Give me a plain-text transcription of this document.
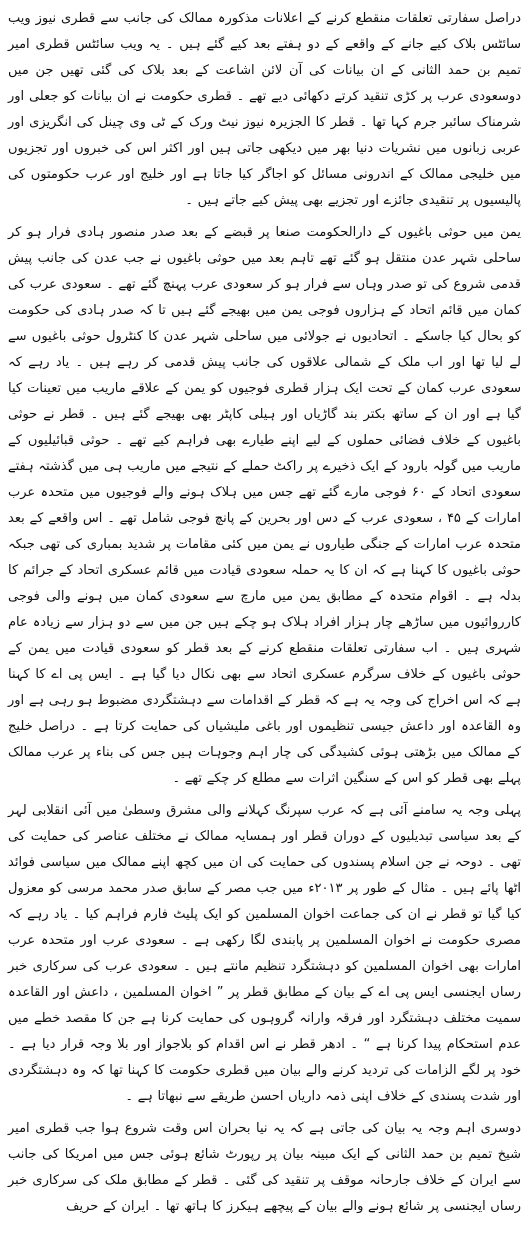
دراصل سفارتی تعلقات منقطع کرنے کے اعلانات مذکورہ ممالک کی جانب سے قطری نیوز ویب سائٹس بلاک کیے جانے کے واقعے کے دو ہفتے بعد کیے گئے ہیں ۔ یہ ویب سائٹس قطری امیر تمیم بن حمد الثانی کے ان بیانات کی آن لائن اشاعت کے بعد بلاک کی گئی تھیں جن میں دوسعودی عرب پر کڑی تنقید کرتے دکھائی دیے تھے ۔ قطری حکومت نے ان بیانات کو جعلی اور شرمناک سائبر جرم کہا تھا ۔ قطر کا الجزیرہ نیوز نیٹ ورک کے ٹی وی چینل کی انگریزی اور عربی زبانوں میں نشریات دنیا بھر میں دیکھی جاتی ہیں اور اکثر اس کی خبروں اور تجزیوں میں خلیجی ممالک کے اندرونی مسائل کو اجاگر کیا جاتا ہے اور خلیج اور عرب حکومتوں کی پالیسیوں پر تنقیدی جائزے اور تجزیے بھی پیش کیے جاتے ہیں ۔

یمن میں حوثی باغیوں کے دارالحکومت صنعا پر قبضے کے بعد صدر منصور ہادی فرار ہو کر ساحلی شہر عدن منتقل ہو گئے تھے تاہم بعد میں حوثی باغیوں نے جب عدن کی جانب پیش قدمی شروع کی تو صدر وہاں سے فرار ہو کر سعودی عرب پہنچ گئے تھے ۔ سعودی عرب کی کمان میں قائم اتحاد کے ہزاروں فوجی یمن میں بھیجے گئے ہیں تا کہ صدر ہادی کی حکومت کو بحال کیا جاسکے ۔ اتحادیوں نے جولائی میں ساحلی شہر عدن کا کنٹرول حوثی باغیوں سے لے لیا تھا اور اب ملک کے شمالی علاقوں کی جانب پیش قدمی کر رہے ہیں ۔ یاد رہے کہ سعودی عرب کمان کے تحت ایک ہزار قطری فوجیوں کو یمن کے علاقے ماریب میں تعینات کیا گیا ہے اور ان کے ساتھ بکتر بند گاڑیاں اور ہیلی کاپٹر بھی بھیجے گئے ہیں ۔ قطر نے حوثی باغیوں کے خلاف فضائی حملوں کے لیے اپنے طیارے بھی فراہم کیے تھے ۔ حوثی قبائیلیوں کے ماریب میں گولہ بارود کے ایک ذخیرے پر راکٹ حملے کے نتیجے میں ماریب ہی میں گذشتہ ہفتے سعودی اتحاد کے ۶۰ فوجی مارے گئے تھے جس میں ہلاک ہونے والے فوجیوں میں متحدہ عرب امارات کے ۴۵ ، سعودی عرب کے دس اور بحرین کے پانچ فوجی شامل تھے ۔ اس واقعے کے بعد متحدہ عرب امارات کے جنگی طیاروں نے یمن میں کئی مقامات پر شدید بمباری کی تھی جبکہ حوثی باغیوں کا کہنا ہے کہ ان کا یہ حملہ سعودی قیادت میں قائم عسکری اتحاد کے جرائم کا بدلہ ہے ۔ اقوام متحدہ کے مطابق یمن میں مارچ سے سعودی کمان میں ہونے والی فوجی کارروائیوں میں ساڑھے چار ہزار افراد ہلاک ہو چکے ہیں جن میں سے دو ہزار سے زیادہ عام شہری ہیں ۔ اب سفارتی تعلقات منقطع کرنے کے بعد قطر کو سعودی قیادت میں یمن کے حوثی باغیوں کے خلاف سرگرم عسکری اتحاد سے بھی نکال دیا گیا ہے ۔ ایس پی اے کا کہنا ہے کہ اس اخراج کی وجہ یہ ہے کہ قطر کے اقدامات سے دہشتگردی مضبوط ہو رہی ہے اور وہ القاعدہ اور داعش جیسی تنظیموں اور باغی ملیشیاں کی حمایت کرتا ہے ۔ دراصل خلیج کے ممالک میں بڑھتی ہوئی کشیدگی کی چار اہم وجوہات ہیں جس کی بناء پر عرب ممالک پہلے بھی قطر کو اس کے سنگین اثرات سے مطلع کر چکے تھے ۔

پہلی وجہ یہ سامنے آئی ہے کہ عرب سپرنگ کہلانے والی مشرق وسطیٰ میں آئی انقلابی لہر کے بعد سیاسی تبدیلیوں کے دوران قطر اور ہمسایہ ممالک نے مختلف عناصر کی حمایت کی تھی ۔ دوحہ نے جن اسلام پسندوں کی حمایت کی ان میں کچھ اپنے ممالک میں سیاسی فوائد اٹھا پائے ہیں ۔ مثال کے طور پر ۲۰۱۳ء میں جب مصر کے سابق صدر محمد مرسی کو معزول کیا گیا تو قطر نے ان کی جماعت اخوان المسلمین کو ایک پلیٹ فارم فراہم کیا ۔ یاد رہے کہ مصری حکومت نے اخوان المسلمین پر پابندی لگا رکھی ہے ۔ سعودی عرب اور متحدہ عرب امارات بھی اخوان المسلمین کو دہشتگرد تنظیم مانتے ہیں ۔ سعودی عرب کی سرکاری خبر رساں ایجنسی ایس پی اے کے بیان کے مطابق قطر پر ” اخوان المسلمین ، داعش اور القاعدہ سمیت مختلف دہشتگرد اور فرقہ وارانہ گروہوں کی حمایت کرنا ہے جن کا مقصد خطے میں عدم استحکام پیدا کرنا ہے “ ۔ ادھر قطر نے اس اقدام کو بلاجواز اور بلا وجہ قرار دیا ہے ۔ خود پر لگے الزامات کی تردید کرنے والے بیان میں قطری حکومت کا کہنا تھا کہ وہ دہشتگردی اور شدت پسندی کے خلاف اپنی ذمہ داریاں احسن طریقے سے نبھاتا ہے ۔

دوسری اہم وجہ یہ بیان کی جاتی ہے کہ یہ نیا بحران اس وقت شروع ہوا جب قطری امیر شیخ تمیم بن حمد الثانی کے ایک مبینہ بیان پر رپورٹ شائع ہوئی جس میں امریکا کی جانب سے ایران کے خلاف جارحانہ موقف پر تنقید کی گئی ۔ قطر کے مطابق ملک کی سرکاری خبر رساں ایجنسی پر شائع ہونے والے بیان کے پیچھے ہیکرز کا ہاتھ تھا ۔ ایران کے حریف
